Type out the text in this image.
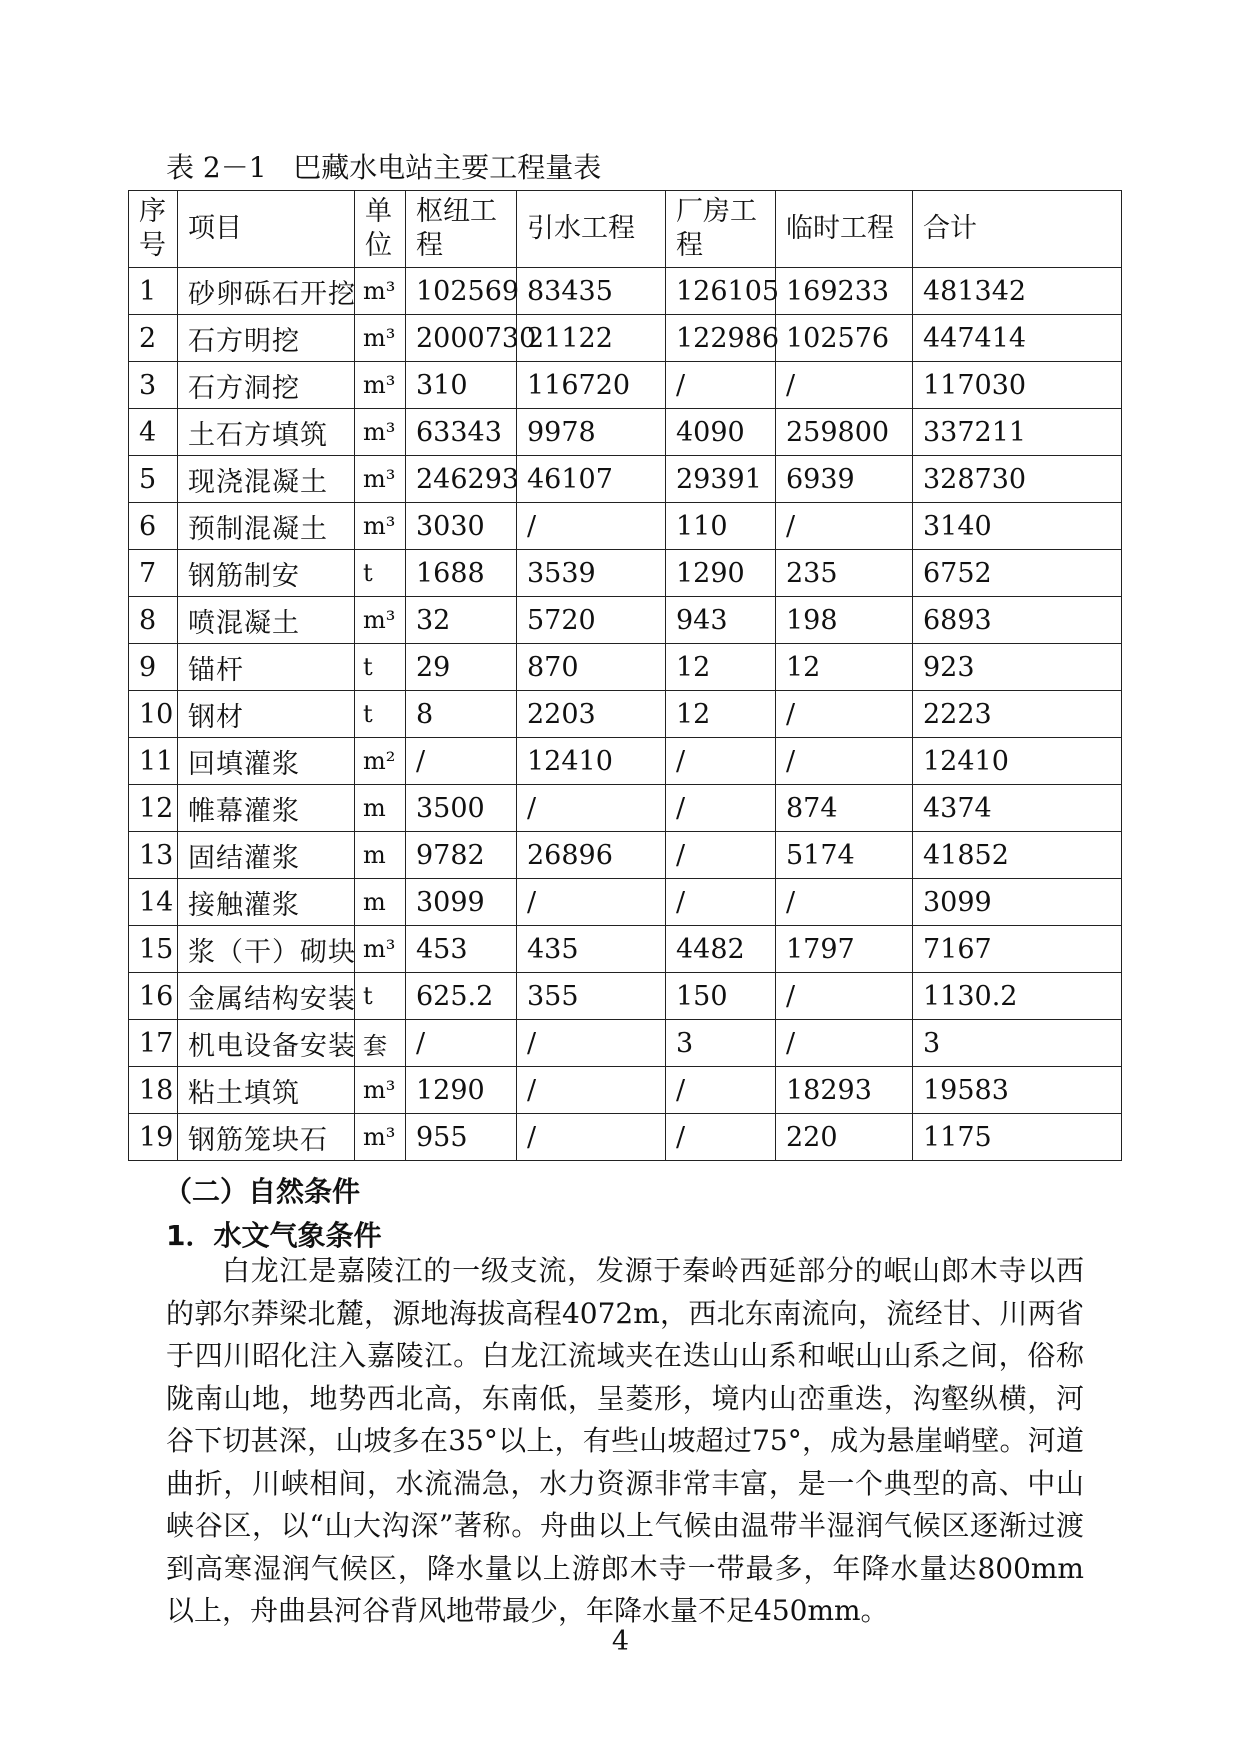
表 2－1   巴藏水电站主要工程量表
序号	项目	单位	枢纽工程	引水工程	厂房工程	临时工程	合计
1	砂卵砾石开挖	m³	102569	83435	126105	169233	481342
2	石方明挖	m³	2000730	21122	122986	102576	447414
3	石方洞挖	m³	310	116720	/	/	117030
4	土石方填筑	m³	63343	9978	4090	259800	337211
5	现浇混凝土	m³	246293	46107	29391	6939	328730
6	预制混凝土	m³	3030	/	110	/	3140
7	钢筋制安	t	1688	3539	1290	235	6752
8	喷混凝土	m³	32	5720	943	198	6893
9	锚杆	t	29	870	12	12	923
10	钢材	t	8	2203	12	/	2223
11	回填灌浆	m²	/	12410	/	/	12410
12	帷幕灌浆	m	3500	/	/	874	4374
13	固结灌浆	m	9782	26896	/	5174	41852
14	接触灌浆	m	3099	/	/	/	3099
15	浆（干）砌块	m³	453	435	4482	1797	7167
16	金属结构安装	t	625.2	355	150	/	1130.2
17	机电设备安装	套	/	/	3	/	3
18	粘土填筑	m³	1290	/	/	18293	19583
19	钢筋笼块石	m³	955	/	/	220	1175
（二）自然条件
1．水文气象条件
白龙江是嘉陵江的一级支流，发源于秦岭西延部分的岷山郎木寺以西的郭尔莽梁北麓，源地海拔高程4072m，西北东南流向，流经甘、川两省于四川昭化注入嘉陵江。白龙江流域夹在迭山山系和岷山山系之间，俗称陇南山地，地势西北高，东南低，呈菱形，境内山峦重迭，沟壑纵横，河谷下切甚深，山坡多在35°以上，有些山坡超过75°，成为悬崖峭壁。河道曲折，川峡相间，水流湍急，水力资源非常丰富，是一个典型的高、中山峡谷区，以“山大沟深”著称。舟曲以上气候由温带半湿润气候区逐渐过渡到高寒湿润气候区，降水量以上游郎木寺一带最多，年降水量达800mm以上，舟曲县河谷背风地带最少，年降水量不足450mm。
4
